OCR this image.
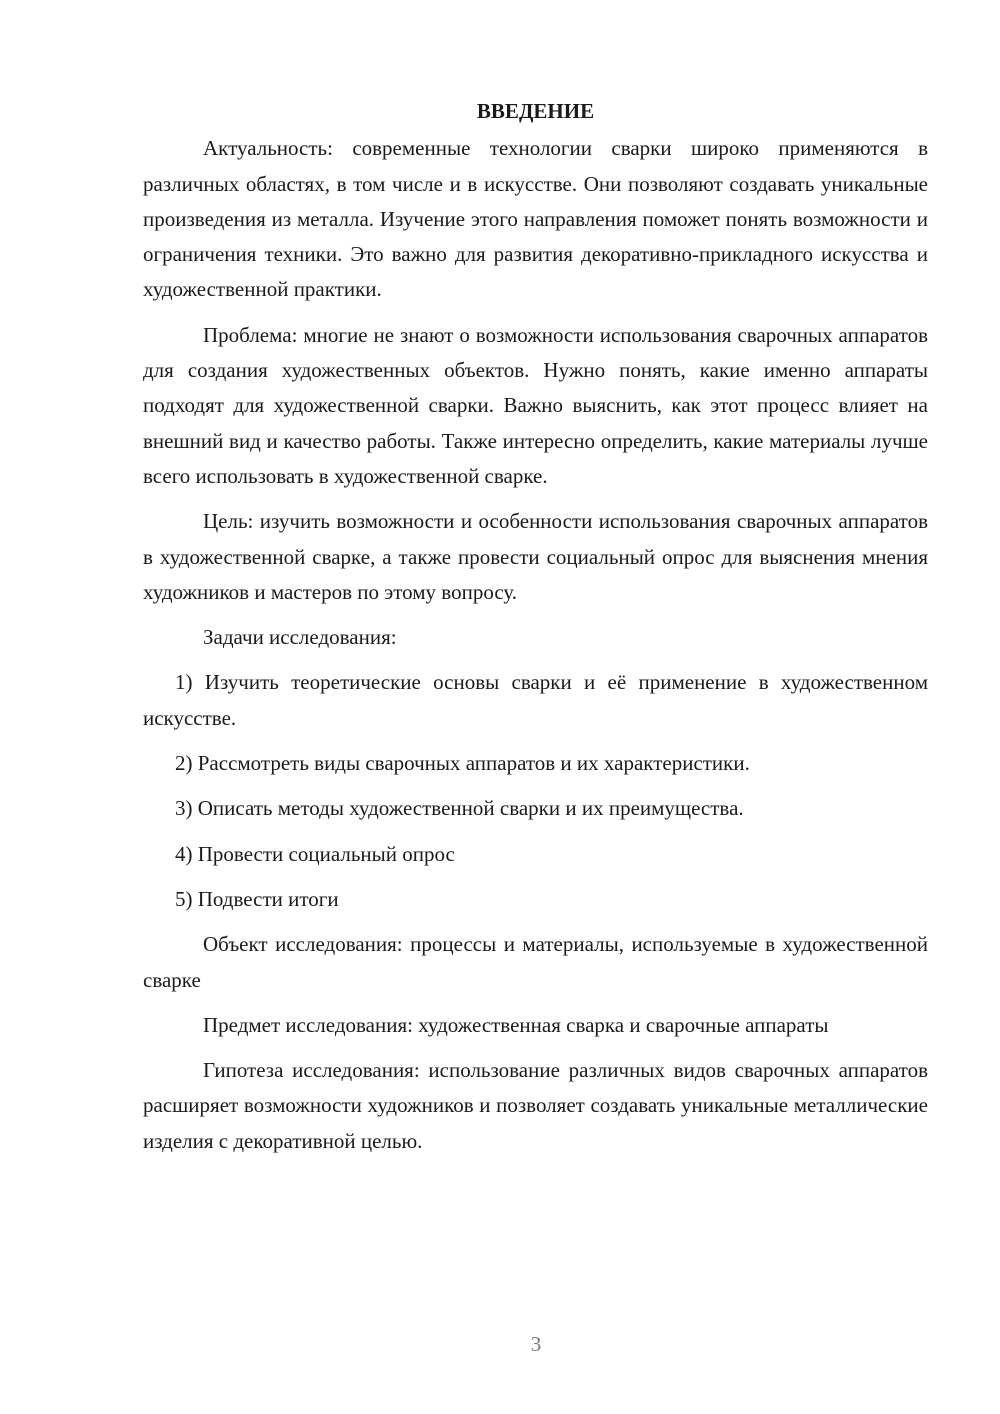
ВВЕДЕНИЕ

Актуальность: современные технологии сварки широко применяются в различных областях, в том числе и в искусстве. Они позволяют создавать уникальные произведения из металла. Изучение этого направления поможет понять возможности и ограничения техники. Это важно для развития декоративно-прикладного искусства и художественной практики.

Проблема: многие не знают о возможности использования сварочных аппаратов для создания художественных объектов. Нужно понять, какие именно аппараты подходят для художественной сварки. Важно выяснить, как этот процесс влияет на внешний вид и качество работы. Также интересно определить, какие материалы лучше всего использовать в художественной сварке.

Цель: изучить возможности и особенности использования сварочных аппаратов в художественной сварке, а также провести социальный опрос для выяснения мнения художников и мастеров по этому вопросу.

Задачи исследования:

1) Изучить теоретические основы сварки и её применение в художественном искусстве.

2) Рассмотреть виды сварочных аппаратов и их характеристики.

3) Описать методы художественной сварки и их преимущества.

4) Провести социальный опрос

5) Подвести итоги

Объект исследования: процессы и материалы, используемые в художественной сварке

Предмет исследования: художественная сварка и сварочные аппараты

Гипотеза исследования: использование различных видов сварочных аппаратов расширяет возможности художников и позволяет создавать уникальные металлические изделия с декоративной целью.

3
